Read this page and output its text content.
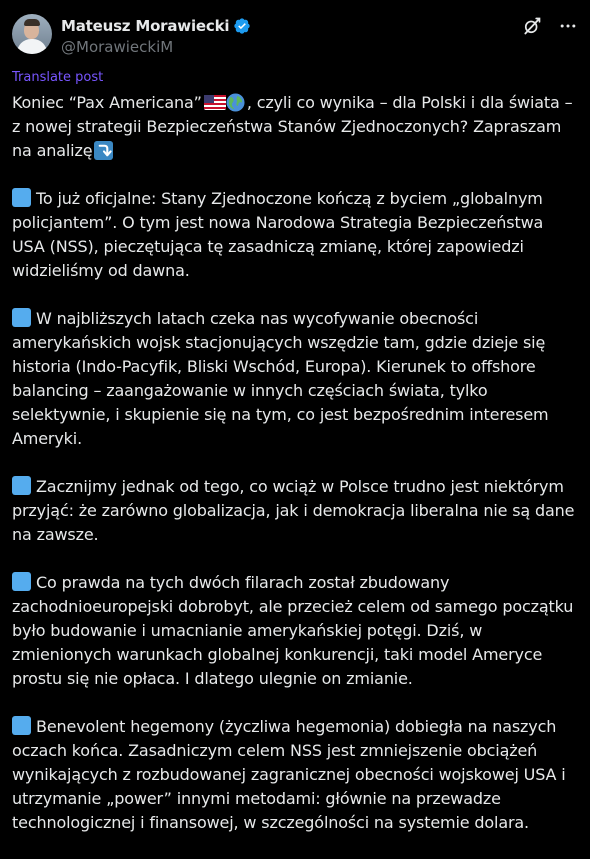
Mateusz Morawiecki
@MorawieckiM
Translate post

Koniec “Pax Americana”	, czyli co wynika – dla Polski i dla świata – z nowej strategii Bezpieczeństwa Stanów Zjednoczonych? Zapraszam na analizę

To już oficjalne: Stany Zjednoczone kończą z byciem „globalnym policjantem”. O tym jest nowa Narodowa Strategia Bezpieczeństwa USA (NSS), pieczętująca tę zasadniczą zmianę, której zapowiedzi widzieliśmy od dawna.

W najbliższych latach czeka nas wycofywanie obecności amerykańskich wojsk stacjonujących wszędzie tam, gdzie dzieje się historia (Indo-Pacyfik, Bliski Wschód, Europa). Kierunek to offshore balancing – zaangażowanie w innych częściach świata, tylko selektywnie, i skupienie się na tym, co jest bezpośrednim interesem Ameryki.

Zacznijmy jednak od tego, co wciąż w Polsce trudno jest niektórym przyjąć: że zarówno globalizacja, jak i demokracja liberalna nie są dane na zawsze.

Co prawda na tych dwóch filarach został zbudowany zachodnioeuropejski dobrobyt, ale przecież celem od samego początku było budowanie i umacnianie amerykańskiej potęgi. Dziś, w zmienionych warunkach globalnej konkurencji, taki model Ameryce prostu się nie opłaca. I dlatego ulegnie on zmianie.

Benevolent hegemony (życzliwa hegemonia) dobiegła na naszych oczach końca. Zasadniczym celem NSS jest zmniejszenie obciążeń wynikających z rozbudowanej zagranicznej obecności wojskowej USA i utrzymanie „power” innymi metodami: głównie na przewadze technologicznej i finansowej, w szczególności na systemie dolara.
